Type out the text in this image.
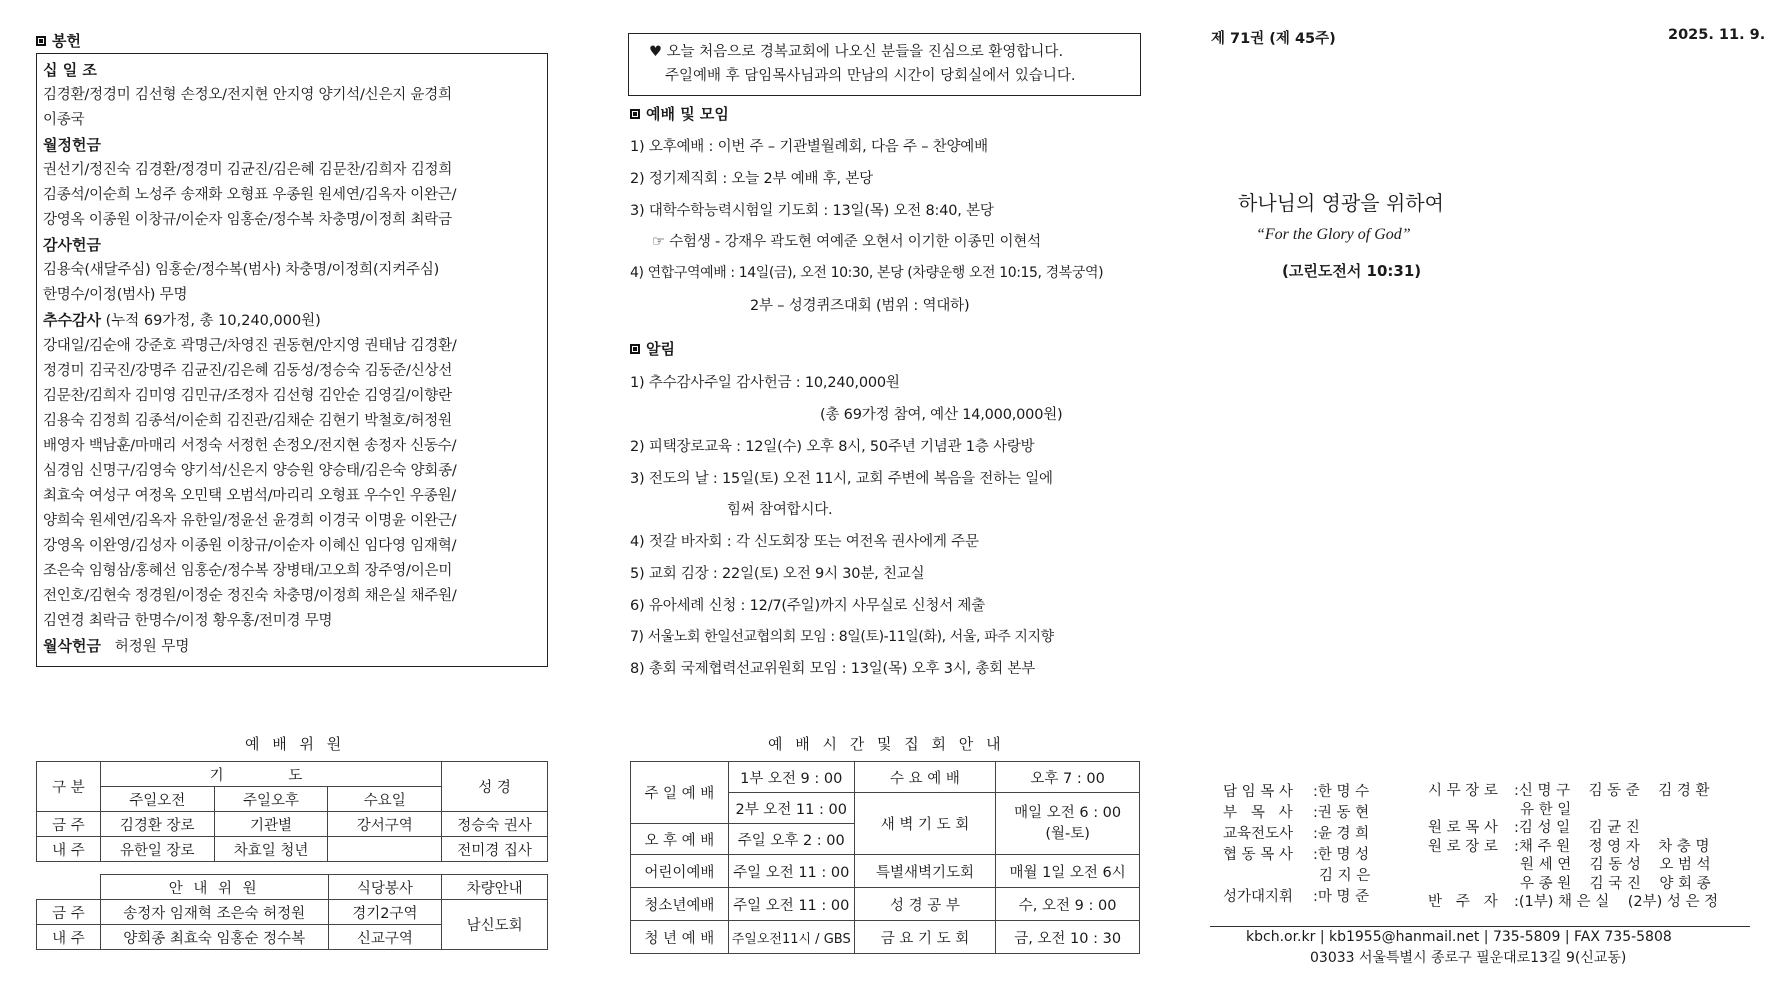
봉헌
십 일 조
김경환/정경미 김선형 손정오/전지현 안지영 양기석/신은지 윤경희
이종국
월정헌금
권선기/정진숙 김경환/정경미 김균진/김은혜 김문찬/김희자 김정희
김종석/이순희 노성주 송재화 오형표 우종원 원세연/김옥자 이완근/
강영옥 이종원 이창규/이순자 임홍순/정수복 차충명/이정희 최락금
감사헌금
김용숙(새달주심) 임홍순/정수복(범사) 차충명/이정희(지켜주심)
한명수/이정(범사) 무명
추수감사 (누적 69가정, 총 10,240,000원)
강대일/김순애 강준호 곽명근/차영진 권동현/안지영 권태남 김경환/
정경미 김국진/강명주 김균진/김은혜 김동성/정승숙 김동준/신상선
김문찬/김희자 김미영 김민규/조정자 김선형 김안순 김영길/이향란
김용숙 김정희 김종석/이순희 김진관/김채순 김현기 박철호/허정원
배영자 백남훈/마매리 서정숙 서정헌 손정오/전지현 송정자 신동수/
심경임 신명구/김영숙 양기석/신은지 양승원 양승태/김은숙 양회종/
최효숙 여성구 여정옥 오민택 오범석/마리리 오형표 우수인 우종원/
양희숙 원세연/김옥자 유한일/정윤선 윤경희 이경국 이명윤 이완근/
강영옥 이완영/김성자 이종원 이창규/이순자 이혜신 임다영 임재혁/
조은숙 임형삼/홍혜선 임홍순/정수복 장병태/고오희 장주영/이은미
전인호/김현숙 정경원/이정순 정진숙 차충명/이정희 채은실 채주원/
김연경 최락금 한명수/이정 황우홍/전미경 무명
월삭헌금 허정원 무명
예 배 위 원
구 분	기 도			성 경
	주일오전	주일오후	수요일	
금 주	김경환 장로	기관별	강서구역	정승숙 권사
내 주	유한일 장로	차효일 청년		전미경 집사
	안 내 위 원	식당봉사	차량안내
금 주	송정자 임재혁 조은숙 허정원	경기2구역	남신도회
내 주	양회종 최효숙 임홍순 정수복	신교구역	
♥ 오늘 처음으로 경복교회에 나오신 분들을 진심으로 환영합니다.
주일예배 후 담임목사님과의 만남의 시간이 당회실에서 있습니다.
예배 및 모임
1) 오후예배 : 이번 주 – 기관별월례회, 다음 주 – 찬양예배
2) 정기제직회 : 오늘 2부 예배 후, 본당
3) 대학수학능력시험일 기도회 : 13일(목) 오전 8:40, 본당
☞ 수험생 - 강재우 곽도현 여예준 오현서 이기한 이종민 이현석
4) 연합구역예배 : 14일(금), 오전 10:30, 본당 (차량운행 오전 10:15, 경복궁역)
2부 – 성경퀴즈대회 (범위 : 역대하)
알림
1) 추수감사주일 감사헌금 : 10,240,000원
(총 69가정 참여, 예산 14,000,000원)
2) 피택장로교육 : 12일(수) 오후 8시, 50주년 기념관 1층 사랑방
3) 전도의 날 : 15일(토) 오전 11시, 교회 주변에 복음을 전하는 일에
힘써 참여합시다.
4) 젓갈 바자회 : 각 신도회장 또는 여전옥 권사에게 주문
5) 교회 김장 : 22일(토) 오전 9시 30분, 친교실
6) 유아세례 신청 : 12/7(주일)까지 사무실로 신청서 제출
7) 서울노회 한일선교협의회 모임 : 8일(토)-11일(화), 서울, 파주 지지향
8) 총회 국제협력선교위원회 모임 : 13일(목) 오후 3시, 총회 본부
예 배 시 간 및 집 회 안 내
주 일 예 배	1부 오전 9 : 00	수 요 예 배	오후 7 : 00
	2부 오전 11 : 00	새 벽 기 도 회	매일 오전 6 : 00
(월-토)
오 후 예 배	주일 오후 2 : 00		
어린이예배	주일 오전 11 : 00	특별새벽기도회	매월 1일 오전 6시
청소년예배	주일 오전 11 : 00	성 경 공 부	수, 오전 9 : 00
청 년 예 배	주일오전11시 / GBS	금 요 기 도 회	금, 오전 10 : 30
제 71권 (제 45주)	2025. 11. 9.
하나님의 영광을 위하여
“For the Glory of God”
(고린도전서 10:31)
담 임 목 사	: 한 명 수
부   목   사	: 권 동 현
교육전도사	: 윤 경 희
협 동 목 사	: 한 명 성
김 지 은
성가대지휘	: 마 명 준
시 무 장 로	: 신 명 구    김 동 준    김 경 환
유 한 일
원 로 목 사	: 김 성 일    김 균 진
원 로 장 로	: 채 주 원    정 영 자    차 충 명
원 세 연    김 동 성    오 범 석
우 종 원    김 국 진    양 회 종
반   주   자	: (1부) 채 은 실    (2부) 성 은 정
kbch.or.kr | kb1955@hanmail.net | 735-5809 | FAX 735-5808
03033 서울특별시 종로구 필운대로13길 9(신교동)
